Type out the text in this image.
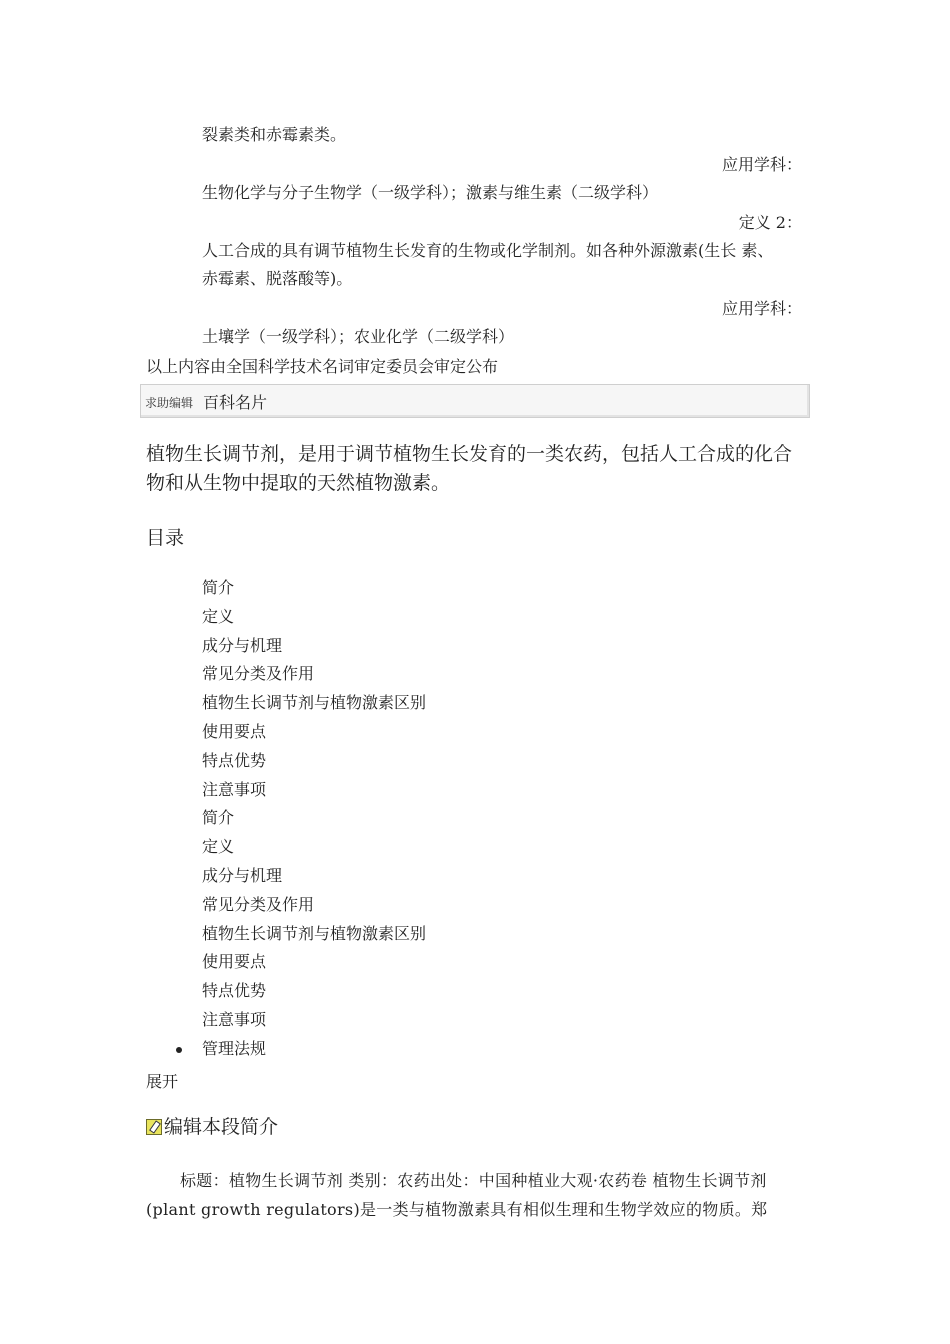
裂素类和赤霉素类。
应用学科：
生物化学与分子生物学（一级学科）；激素与维生素（二级学科）
定义 2：
人工合成的具有调节植物生长发育的生物或化学制剂。如各种外源激素(生长 素、
赤霉素、脱落酸等)。
应用学科：
土壤学（一级学科）；农业化学（二级学科）
以上内容由全国科学技术名词审定委员会审定公布
求助编辑 百科名片
植物生长调节剂，是用于调节植物生长发育的一类农药，包括人工合成的化合物和从生物中提取的天然植物激素。
目录
简介
定义
成分与机理
常见分类及作用
植物生长调节剂与植物激素区别
使用要点
特点优势
注意事项
简介
定义
成分与机理
常见分类及作用
植物生长调节剂与植物激素区别
使用要点
特点优势
注意事项
管理法规
展开
编辑本段简介
标题：植物生长调节剂 类别：农药出处：中国种植业大观·农药卷 植物生长调节剂(plant growth regulators)是一类与植物激素具有相似生理和生物学效应的物质。郑
